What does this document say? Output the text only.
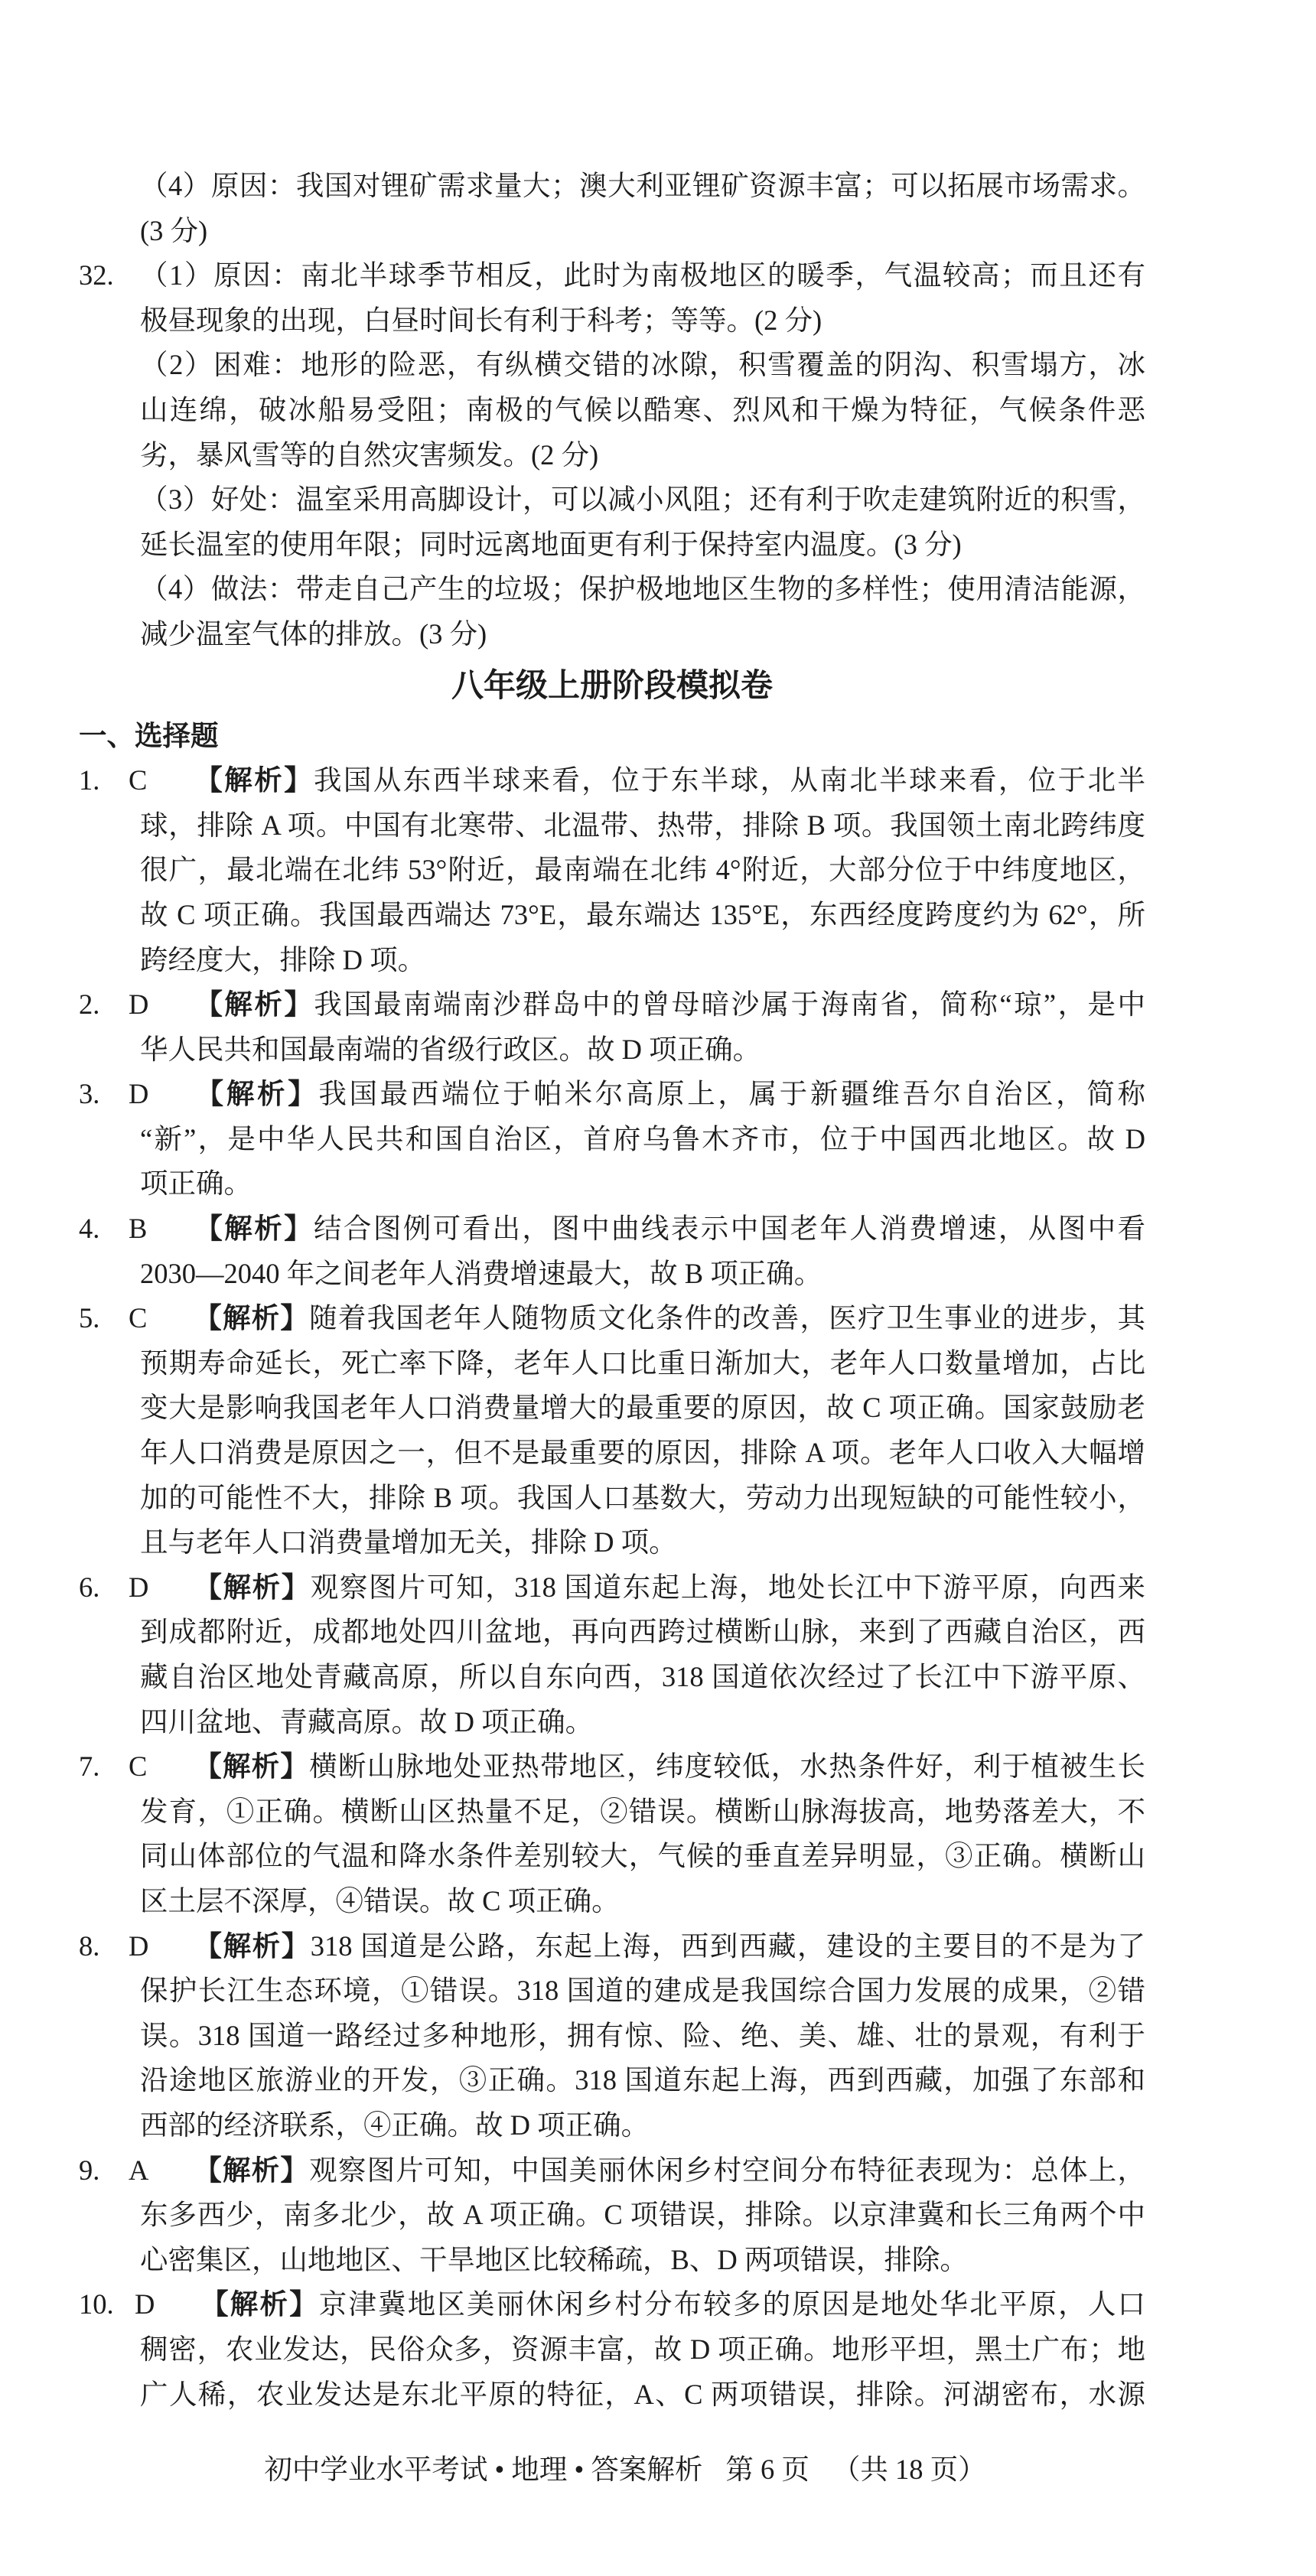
（4）原因：我国对锂矿需求量大；澳大利亚锂矿资源丰富；可以拓展市场需求。
(3 分)
32. （1）原因：南北半球季节相反，此时为南极地区的暖季，气温较高；而且还有
极昼现象的出现，白昼时间长有利于科考；等等。(2 分)
（2）困难：地形的险恶，有纵横交错的冰隙，积雪覆盖的阴沟、积雪塌方，冰
山连绵，破冰船易受阻；南极的气候以酷寒、烈风和干燥为特征，气候条件恶
劣，暴风雪等的自然灾害频发。(2 分)
（3）好处：温室采用高脚设计，可以减小风阻；还有利于吹走建筑附近的积雪，
延长温室的使用年限；同时远离地面更有利于保持室内温度。(3 分)
（4）做法：带走自己产生的垃圾；保护极地地区生物的多样性；使用清洁能源，
减少温室气体的排放。(3 分)
八年级上册阶段模拟卷
一、选择题
1. C 【解析】我国从东西半球来看，位于东半球，从南北半球来看，位于北半
球，排除 A 项。中国有北寒带、北温带、热带，排除 B 项。我国领土南北跨纬度
很广，最北端在北纬 53°附近，最南端在北纬 4°附近，大部分位于中纬度地区，
故 C 项正确。我国最西端达 73°E，最东端达 135°E，东西经度跨度约为 62°，所
跨经度大，排除 D 项。
2. D 【解析】我国最南端南沙群岛中的曾母暗沙属于海南省，简称“琼”，是中
华人民共和国最南端的省级行政区。故 D 项正确。
3. D 【解析】我国最西端位于帕米尔高原上，属于新疆维吾尔自治区，简称
“新”，是中华人民共和国自治区，首府乌鲁木齐市，位于中国西北地区。故 D
项正确。
4. B 【解析】结合图例可看出，图中曲线表示中国老年人消费增速，从图中看
2030—2040 年之间老年人消费增速最大，故 B 项正确。
5. C 【解析】随着我国老年人随物质文化条件的改善，医疗卫生事业的进步，其
预期寿命延长，死亡率下降，老年人口比重日渐加大，老年人口数量增加，占比
变大是影响我国老年人口消费量增大的最重要的原因，故 C 项正确。国家鼓励老
年人口消费是原因之一，但不是最重要的原因，排除 A 项。老年人口收入大幅增
加的可能性不大，排除 B 项。我国人口基数大，劳动力出现短缺的可能性较小，
且与老年人口消费量增加无关，排除 D 项。
6. D 【解析】观察图片可知，318 国道东起上海，地处长江中下游平原，向西来
到成都附近，成都地处四川盆地，再向西跨过横断山脉，来到了西藏自治区，西
藏自治区地处青藏高原，所以自东向西，318 国道依次经过了长江中下游平原、
四川盆地、青藏高原。故 D 项正确。
7. C 【解析】横断山脉地处亚热带地区，纬度较低，水热条件好，利于植被生长
发育，①正确。横断山区热量不足，②错误。横断山脉海拔高，地势落差大，不
同山体部位的气温和降水条件差别较大，气候的垂直差异明显，③正确。横断山
区土层不深厚，④错误。故 C 项正确。
8. D 【解析】318 国道是公路，东起上海，西到西藏，建设的主要目的不是为了
保护长江生态环境，①错误。318 国道的建成是我国综合国力发展的成果，②错
误。318 国道一路经过多种地形，拥有惊、险、绝、美、雄、壮的景观，有利于
沿途地区旅游业的开发，③正确。318 国道东起上海，西到西藏，加强了东部和
西部的经济联系，④正确。故 D 项正确。
9. A 【解析】观察图片可知，中国美丽休闲乡村空间分布特征表现为：总体上，
东多西少，南多北少，故 A 项正确。C 项错误，排除。以京津冀和长三角两个中
心密集区，山地地区、干旱地区比较稀疏，B、D 两项错误，排除。
10. D 【解析】京津冀地区美丽休闲乡村分布较多的原因是地处华北平原，人口
稠密，农业发达，民俗众多，资源丰富，故 D 项正确。地形平坦，黑土广布；地
广人稀，农业发达是东北平原的特征，A、C 两项错误，排除。河湖密布，水源
初中学业水平考试 • 地理 • 答案解析 第 6 页 （共 18 页）
